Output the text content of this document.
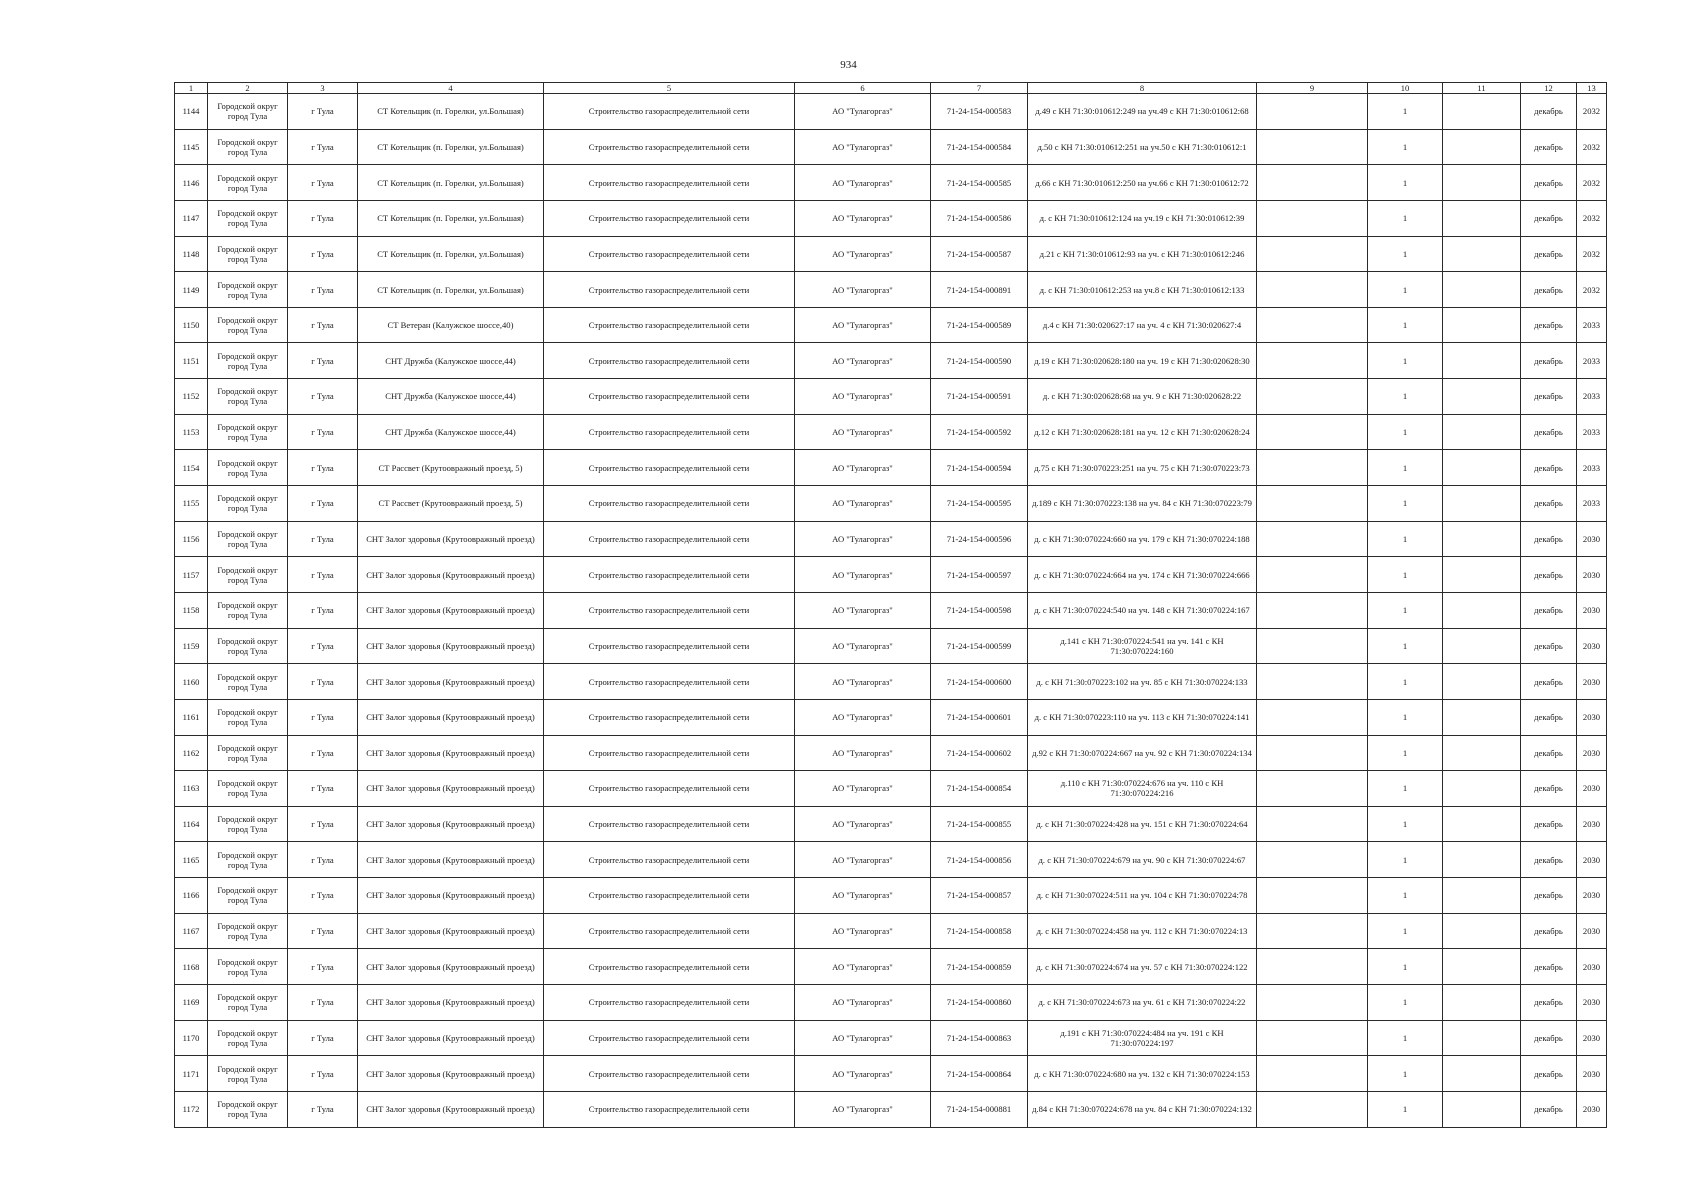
934
1	2	3	4	5	6	7	8	9	10	11	12	13
1144	Городской округ город Тула	г Тула	СТ Котельщик (п. Горелки, ул.Большая)	Строительство газораспределительной сети	АО "Тулагоргаз"	71-24-154-000583	д.49 с КН 71:30:010612:249 на уч.49 с КН 71:30:010612:68		1		декабрь	2032
1145	Городской округ город Тула	г Тула	СТ Котельщик (п. Горелки, ул.Большая)	Строительство газораспределительной сети	АО "Тулагоргаз"	71-24-154-000584	д.50 с КН 71:30:010612:251 на уч.50 с КН 71:30:010612:1		1		декабрь	2032
1146	Городской округ город Тула	г Тула	СТ Котельщик (п. Горелки, ул.Большая)	Строительство газораспределительной сети	АО "Тулагоргаз"	71-24-154-000585	д.66 с КН 71:30:010612:250 на уч.66 с КН 71:30:010612:72		1		декабрь	2032
1147	Городской округ город Тула	г Тула	СТ Котельщик (п. Горелки, ул.Большая)	Строительство газораспределительной сети	АО "Тулагоргаз"	71-24-154-000586	д. с КН 71:30:010612:124 на уч.19 с КН 71:30:010612:39		1		декабрь	2032
1148	Городской округ город Тула	г Тула	СТ Котельщик (п. Горелки, ул.Большая)	Строительство газораспределительной сети	АО "Тулагоргаз"	71-24-154-000587	д.21 с КН 71:30:010612:93 на уч. с КН 71:30:010612:246		1		декабрь	2032
1149	Городской округ город Тула	г Тула	СТ Котельщик (п. Горелки, ул.Большая)	Строительство газораспределительной сети	АО "Тулагоргаз"	71-24-154-000891	д. с КН 71:30:010612:253 на уч.8 с КН 71:30:010612:133		1		декабрь	2032
1150	Городской округ город Тула	г Тула	СТ Ветеран (Калужское шоссе,40)	Строительство газораспределительной сети	АО "Тулагоргаз"	71-24-154-000589	д.4 с КН 71:30:020627:17 на уч. 4 с КН 71:30:020627:4		1		декабрь	2033
1151	Городской округ город Тула	г Тула	СНТ Дружба (Калужское шоссе,44)	Строительство газораспределительной сети	АО "Тулагоргаз"	71-24-154-000590	д.19 с КН 71:30:020628:180 на уч. 19 с КН 71:30:020628:30		1		декабрь	2033
1152	Городской округ город Тула	г Тула	СНТ Дружба (Калужское шоссе,44)	Строительство газораспределительной сети	АО "Тулагоргаз"	71-24-154-000591	д. с КН 71:30:020628:68 на уч. 9 с КН 71:30:020628:22		1		декабрь	2033
1153	Городской округ город Тула	г Тула	СНТ Дружба (Калужское шоссе,44)	Строительство газораспределительной сети	АО "Тулагоргаз"	71-24-154-000592	д.12 с КН 71:30:020628:181 на уч. 12 с КН 71:30:020628:24		1		декабрь	2033
1154	Городской округ город Тула	г Тула	СТ Рассвет (Крутоовражный проезд, 5)	Строительство газораспределительной сети	АО "Тулагоргаз"	71-24-154-000594	д.75 с КН 71:30:070223:251 на уч. 75 с КН 71:30:070223:73		1		декабрь	2033
1155	Городской округ город Тула	г Тула	СТ Рассвет (Крутоовражный проезд, 5)	Строительство газораспределительной сети	АО "Тулагоргаз"	71-24-154-000595	д.189 с КН 71:30:070223:138 на уч. 84 с КН 71:30:070223:79		1		декабрь	2033
1156	Городской округ город Тула	г Тула	СНТ Залог здоровья (Крутоовражный проезд)	Строительство газораспределительной сети	АО "Тулагоргаз"	71-24-154-000596	д. с КН 71:30:070224:660 на уч. 179 с КН 71:30:070224:188		1		декабрь	2030
1157	Городской округ город Тула	г Тула	СНТ Залог здоровья (Крутоовражный проезд)	Строительство газораспределительной сети	АО "Тулагоргаз"	71-24-154-000597	д. с КН 71:30:070224:664 на уч. 174 с КН 71:30:070224:666		1		декабрь	2030
1158	Городской округ город Тула	г Тула	СНТ Залог здоровья (Крутоовражный проезд)	Строительство газораспределительной сети	АО "Тулагоргаз"	71-24-154-000598	д. с КН 71:30:070224:540 на уч. 148 с КН 71:30:070224:167		1		декабрь	2030
1159	Городской округ город Тула	г Тула	СНТ Залог здоровья (Крутоовражный проезд)	Строительство газораспределительной сети	АО "Тулагоргаз"	71-24-154-000599	д.141 с КН 71:30:070224:541 на уч. 141 с КН 71:30:070224:160		1		декабрь	2030
1160	Городской округ город Тула	г Тула	СНТ Залог здоровья (Крутоовражный проезд)	Строительство газораспределительной сети	АО "Тулагоргаз"	71-24-154-000600	д. с КН 71:30:070223:102 на уч. 85 с КН 71:30:070224:133		1		декабрь	2030
1161	Городской округ город Тула	г Тула	СНТ Залог здоровья (Крутоовражный проезд)	Строительство газораспределительной сети	АО "Тулагоргаз"	71-24-154-000601	д. с КН 71:30:070223:110 на уч. 113 с КН 71:30:070224:141		1		декабрь	2030
1162	Городской округ город Тула	г Тула	СНТ Залог здоровья (Крутоовражный проезд)	Строительство газораспределительной сети	АО "Тулагоргаз"	71-24-154-000602	д.92 с КН 71:30:070224:667 на уч. 92 с КН 71:30:070224:134		1		декабрь	2030
1163	Городской округ город Тула	г Тула	СНТ Залог здоровья (Крутоовражный проезд)	Строительство газораспределительной сети	АО "Тулагоргаз"	71-24-154-000854	д.110 с КН 71:30:070224:676 на уч. 110 с КН 71:30:070224:216		1		декабрь	2030
1164	Городской округ город Тула	г Тула	СНТ Залог здоровья (Крутоовражный проезд)	Строительство газораспределительной сети	АО "Тулагоргаз"	71-24-154-000855	д. с КН 71:30:070224:428 на уч. 151 с КН 71:30:070224:64		1		декабрь	2030
1165	Городской округ город Тула	г Тула	СНТ Залог здоровья (Крутоовражный проезд)	Строительство газораспределительной сети	АО "Тулагоргаз"	71-24-154-000856	д. с КН 71:30:070224:679 на уч. 90 с КН 71:30:070224:67		1		декабрь	2030
1166	Городской округ город Тула	г Тула	СНТ Залог здоровья (Крутоовражный проезд)	Строительство газораспределительной сети	АО "Тулагоргаз"	71-24-154-000857	д. с КН 71:30:070224:511 на уч. 104 с КН 71:30:070224:78		1		декабрь	2030
1167	Городской округ город Тула	г Тула	СНТ Залог здоровья (Крутоовражный проезд)	Строительство газораспределительной сети	АО "Тулагоргаз"	71-24-154-000858	д. с КН 71:30:070224:458 на уч. 112 с КН 71:30:070224:13		1		декабрь	2030
1168	Городской округ город Тула	г Тула	СНТ Залог здоровья (Крутоовражный проезд)	Строительство газораспределительной сети	АО "Тулагоргаз"	71-24-154-000859	д. с КН 71:30:070224:674 на уч. 57 с КН 71:30:070224:122		1		декабрь	2030
1169	Городской округ город Тула	г Тула	СНТ Залог здоровья (Крутоовражный проезд)	Строительство газораспределительной сети	АО "Тулагоргаз"	71-24-154-000860	д. с КН 71:30:070224:673 на уч. 61 с КН 71:30:070224:22		1		декабрь	2030
1170	Городской округ город Тула	г Тула	СНТ Залог здоровья (Крутоовражный проезд)	Строительство газораспределительной сети	АО "Тулагоргаз"	71-24-154-000863	д.191 с КН 71:30:070224:484 на уч. 191 с КН 71:30:070224:197		1		декабрь	2030
1171	Городской округ город Тула	г Тула	СНТ Залог здоровья (Крутоовражный проезд)	Строительство газораспределительной сети	АО "Тулагоргаз"	71-24-154-000864	д. с КН 71:30:070224:680 на уч. 132 с КН 71:30:070224:153		1		декабрь	2030
1172	Городской округ город Тула	г Тула	СНТ Залог здоровья (Крутоовражный проезд)	Строительство газораспределительной сети	АО "Тулагоргаз"	71-24-154-000881	д.84 с КН 71:30:070224:678 на уч. 84 с КН 71:30:070224:132		1		декабрь	2030
